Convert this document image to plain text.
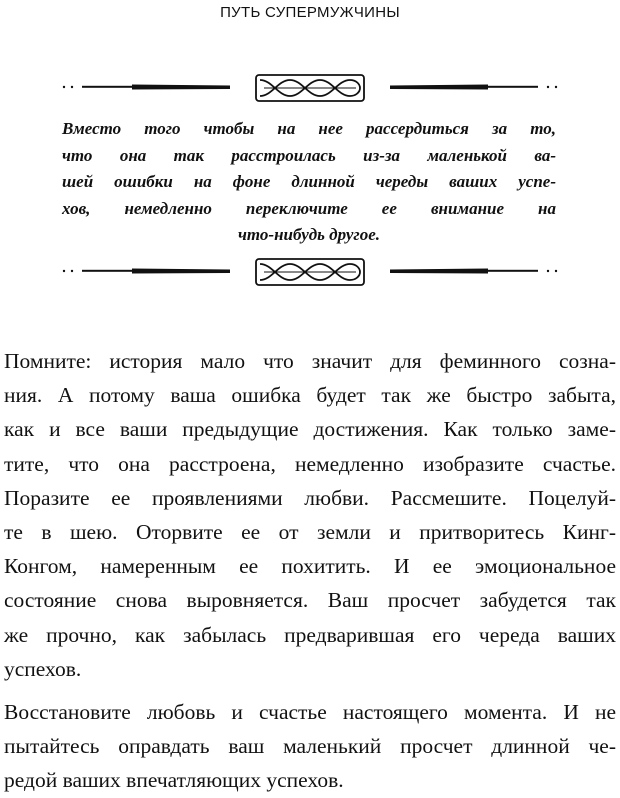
ПУТЬ СУПЕРМУЖЧИНЫ
Вместо того чтобы на нее рассердиться за то,
что она так расстроилась из-за маленькой ва-
шей ошибки на фоне длинной череды ваших успе-
хов, немедленно переключите ее внимание на
что-нибудь другое.
Помните: история мало что значит для феминного созна-
ния. А потому ваша ошибка будет так же быстро забыта,
как и все ваши предыдущие достижения. Как только заме-
тите, что она расстроена, немедленно изобразите счастье.
Поразите ее проявлениями любви. Рассмешите. Поцелуй-
те в шею. Оторвите ее от земли и притворитесь Кинг-
Конгом, намеренным ее похитить. И ее эмоциональное
состояние снова выровняется. Ваш просчет забудется так
же прочно, как забылась предварившая его череда ваших
успехов.
Восстановите любовь и счастье настоящего момента. И не
пытайтесь оправдать ваш маленький просчет длинной че-
редой ваших впечатляющих успехов.
